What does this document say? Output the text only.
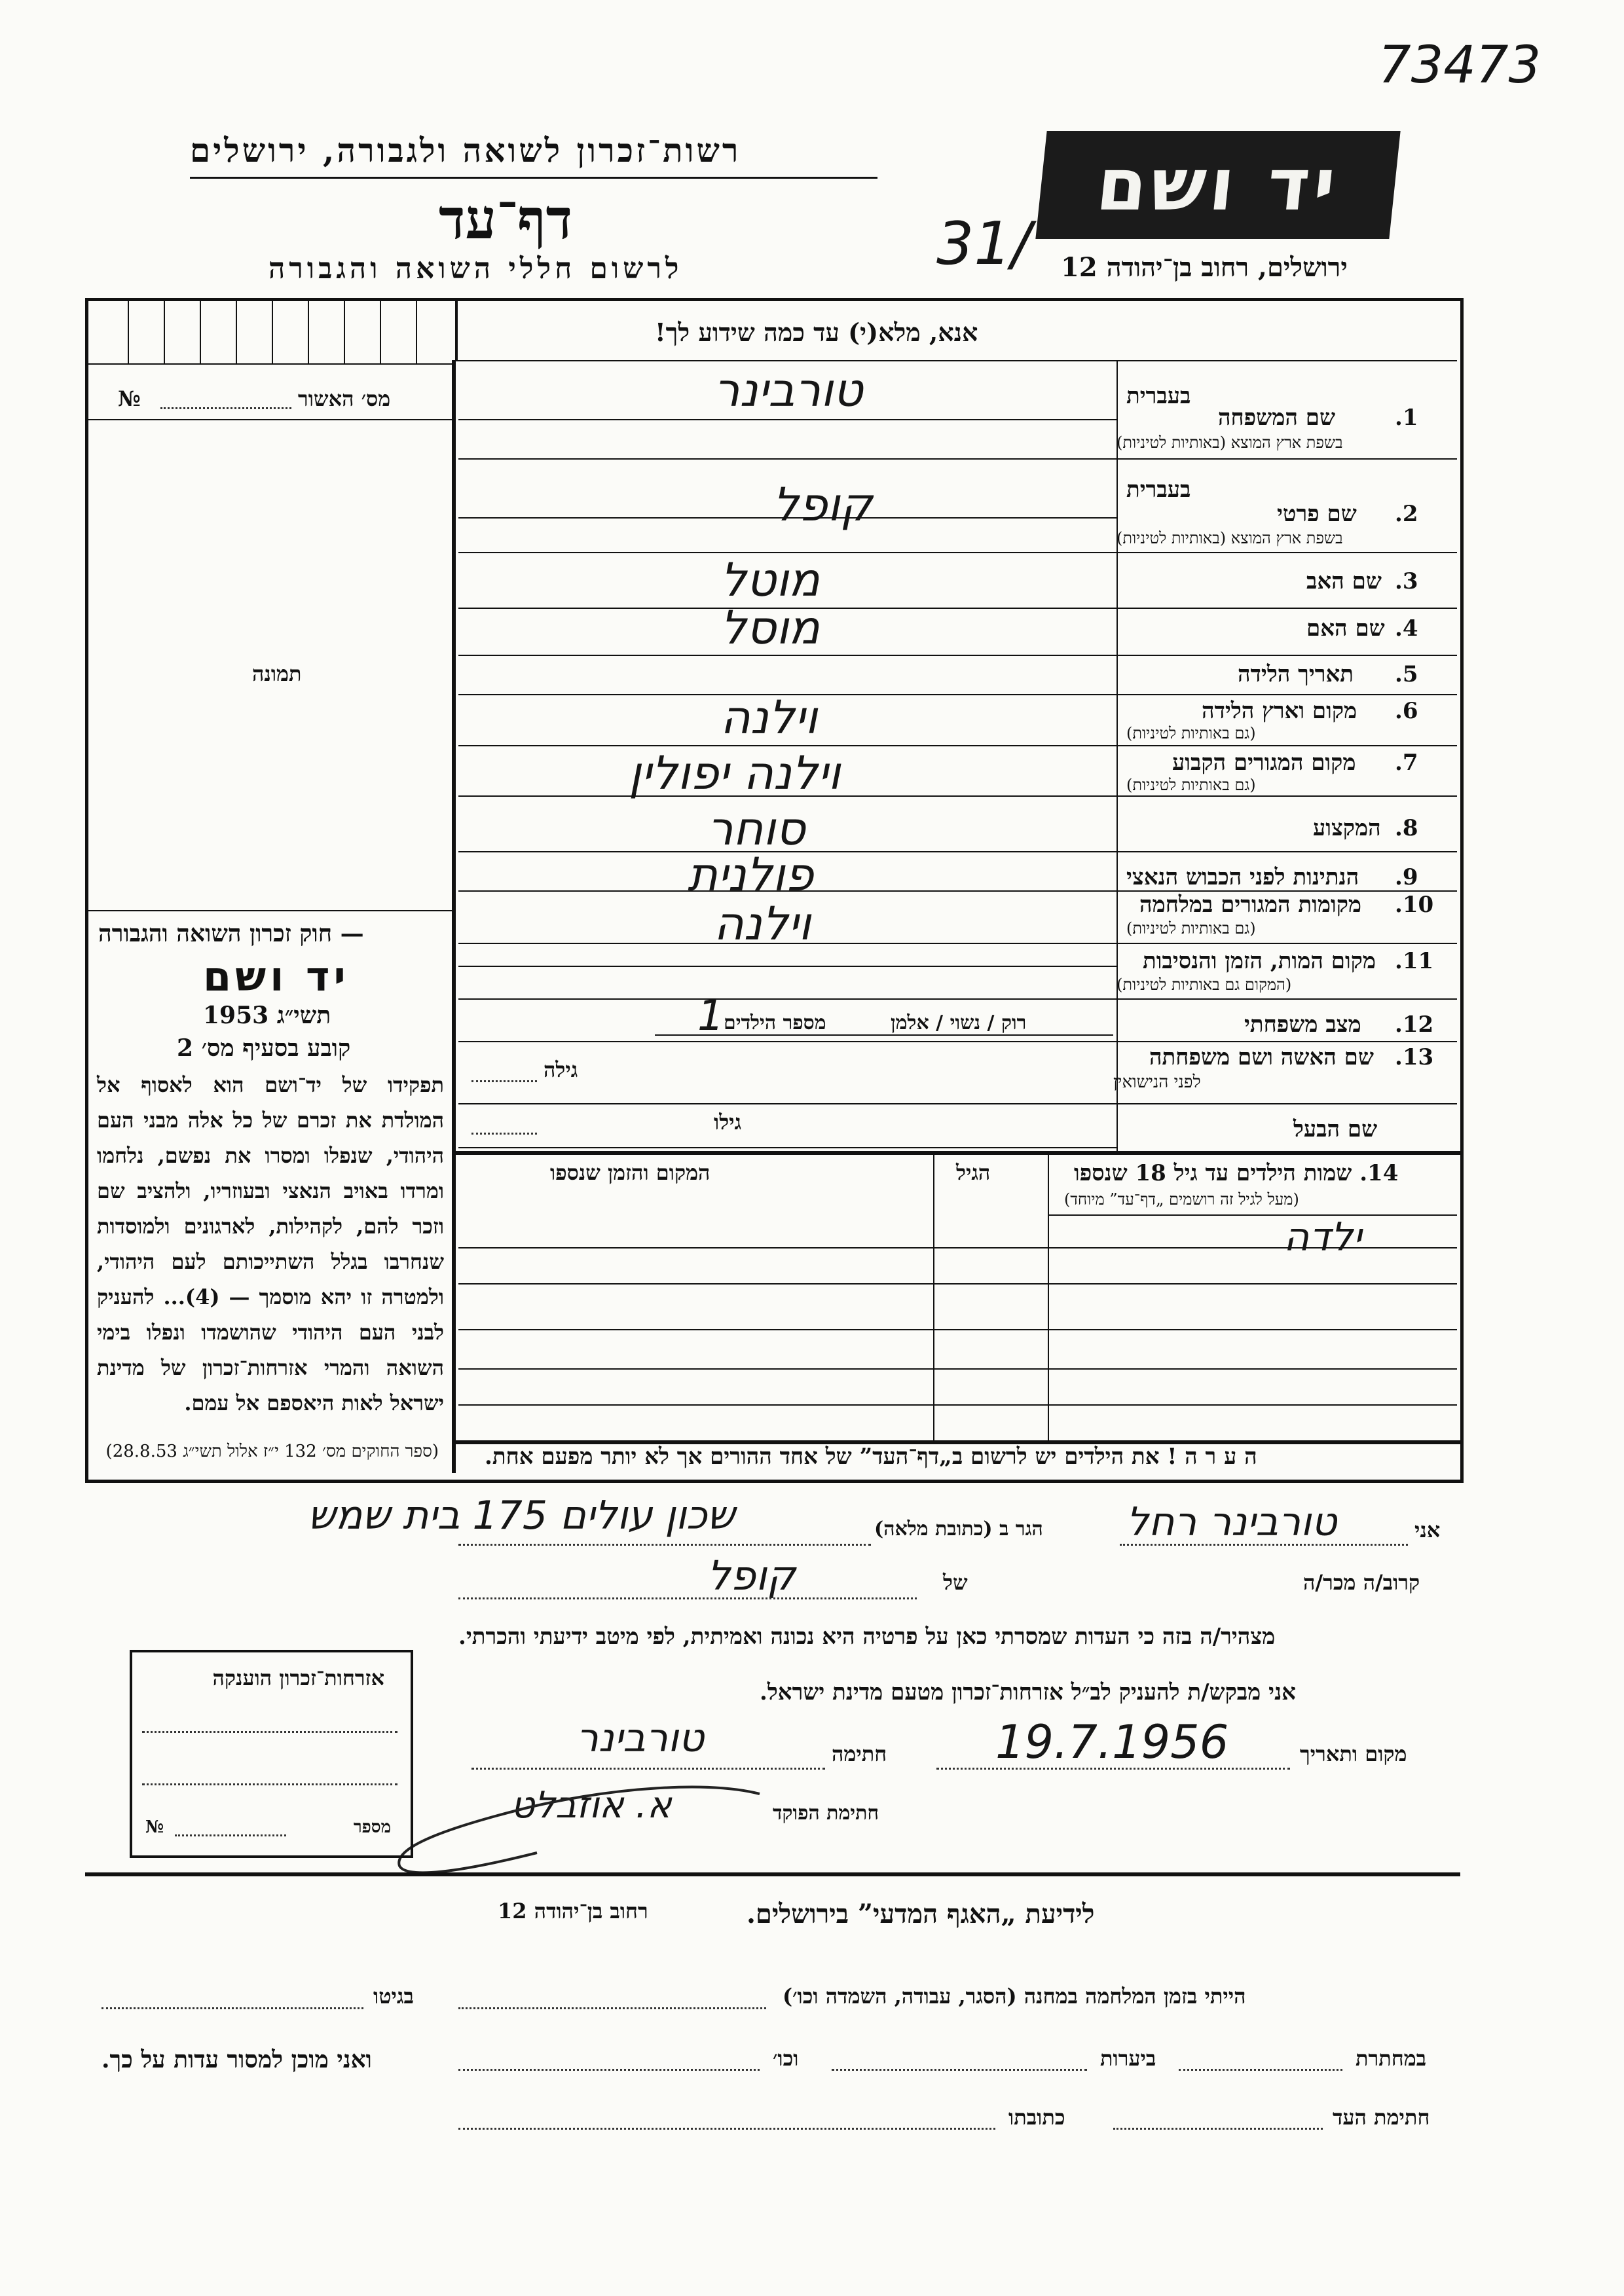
73473
רשות־זכרון לשואה ולגבורה, ירושלים
דף־עד
לרשום חללי השואה והגבורה	31/
יד ושם
ירושלים, רחוב בן־יהודה 12
אנא, מלא(י) עד כמה שידוע לך!
מס׳ האשור
№
תמונה
— חוק זכרון השואה והגבורה
יד ושם
תשי״ג 1953
קובע בסעיף מס׳ 2
תפקידו של יד־ושם הוא לאסוף אל המולדת את זכרם של כל אלה מבני העם היהודי, שנפלו ומסרו את נפשם, נלחמו ומרדו באויב הנאצי ובעוזריו, ולהציב שם וזכר להם, לקהילות, לארגונים ולמוסדות שנחרבו בגלל השתייכותם לעם היהודי, ולמטרה זו יהא מוסמך — (4)... להעניק לבני העם היהודי שהושמדו ונפלו בימי השואה והמרי אזרחות־זכרון של מדינת ישראל לאות היאספם אל עמם.
(ספר החוקים מס׳ 132 י״ז אלול תשי״ג 28.8.53)
בעברית
1.
שם המשפחה
בשפת ארץ המוצא (באותיות לטיניות)
טורבינר
בעברית
2.
שם פרטי
בשפת ארץ המוצא (באותיות לטיניות)
קופל
3.
שם האב
מוטל
4.
שם האם
מוסל
5.
תאריך הלידה
6.
מקום וארץ הלידה
(גם באותיות לטיניות)
וילנה
7.
מקום המגורים הקבוע
(גם באותיות לטיניות)
וילנה יפולין
8.
המקצוע
סוחר
9.
הנתינות לפני הכבוש הנאצי
פולנית
10.
מקומות המגורים במלחמה
(גם באותיות לטיניות)
וילנה
11.
מקום המות, הזמן והנסיבות
(המקום גם באותיות לטיניות)
12.
מצב משפחתי
רוק / נשוי / אלמן
מספר הילדים
1
13.
שם האשה ושם משפחתה
לפני הנישואין
גילה
שם הבעל
גילו
14. שמות הילדים עד גיל 18 שנספו
(מעל לגיל זה רושמים „דף־עד” מיוחד)
הגיל
המקום והזמן שנספו
ילדה
ה ע ר ה ! את הילדים יש לרשום ב„דף־העד” של אחד ההורים אך לא יותר מפעם אחת.
אני
טורבינר רחל
הגר ב (כתובת מלאה)
שכון עולים 175 בית שמש
קרוב/ה מכר/ה
של
קופל
מצהיר/ה בזה כי העדות שמסרתי כאן על פרטיה היא נכונה ואמיתית, לפי מיטב ידיעתי והכרתי.
אני מבקש/ת להעניק לב״ל אזרחות־זכרון מטעם מדינת ישראל.
מקום ותאריך
19.7.1956
חתימה
טורבינר
חתימת הפוקד
א. אוזבלט
אזרחות־זכרון הוענקה
מספר
№
לידיעת „האגף המדעי” בירושלים.
רחוב בן־יהודה 12
הייתי בזמן המלחמה במחנה (הסגר, עבודה, השמדה וכו׳)
בגיטו
במחתרת
ביערות
וכו׳
ואני מוכן למסור עדות על כך.
חתימת העד
כתובתו
